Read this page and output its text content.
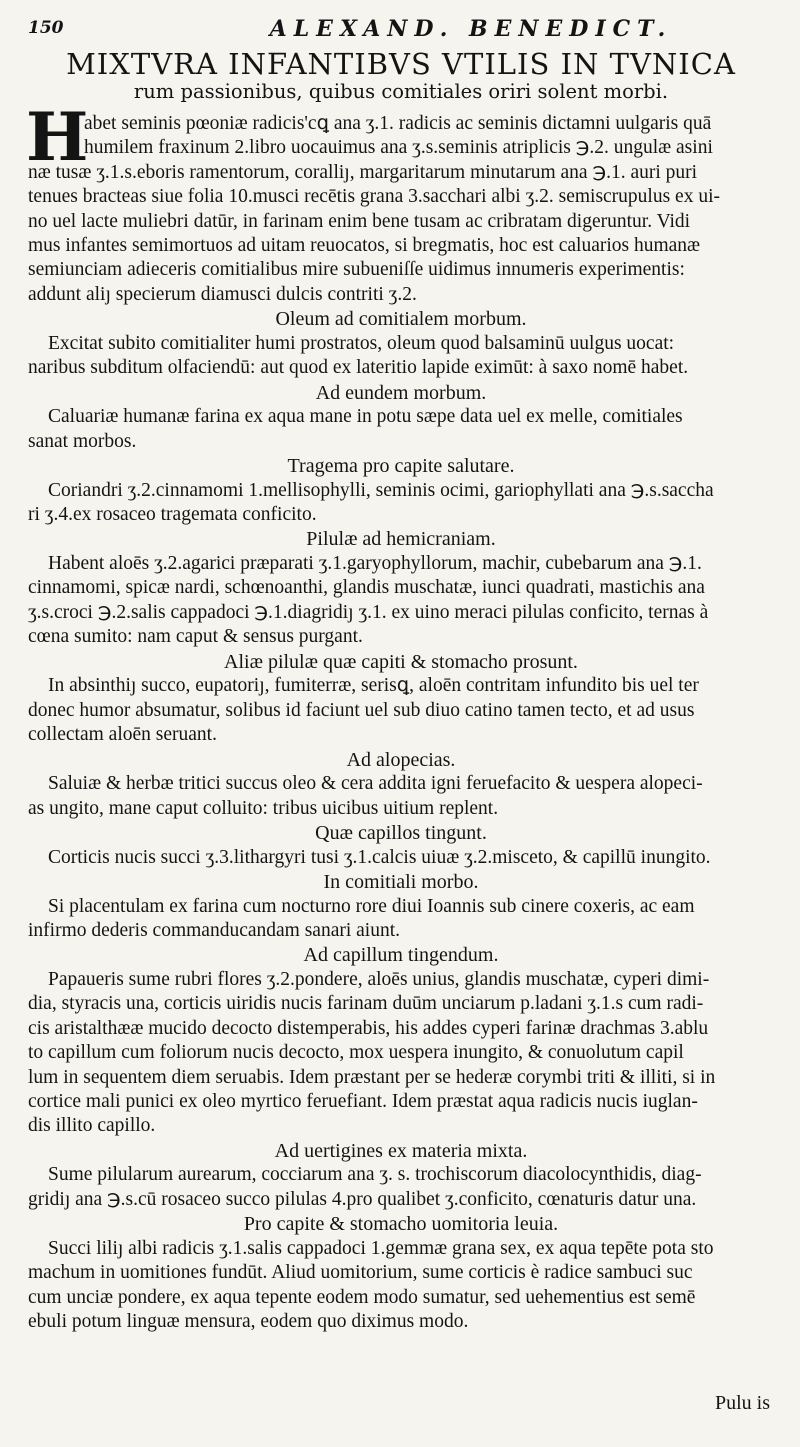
150	ALEXAND. BENEDICT.
MIXTVRA INFANTIBVS VTILIS IN TVNICA
rum passionibus, quibus comitiales oriri solent morbi.
H
abet seminis pœoniæ radicis'cꝗ ana ʒ.1. radicis ac seminis dictamni uulgaris quā
humilem fraxinum 2.libro uocauimus ana ʒ.s.seminis atriplicis ℈.2. ungulæ asini
næ tusæ ʒ.1.s.eboris ramentorum, coralliȷ, margaritarum minutarum ana ℈.1. auri puri
tenues bracteas siue folia 10.musci recētis grana 3.sacchari albi ʒ.2. semiscrupulus ex ui-
no uel lacte muliebri datūr, in farinam enim bene tusam ac cribratam digeruntur. Vidi
mus infantes semimortuos ad uitam reuocatos, si bregmatis, hoc est caluarios humanæ
semiunciam adieceris comitialibus mire subueniſſe uidimus innumeris experimentis:
addunt aliȷ specierum diamusci dulcis contriti ʒ.2.
Oleum ad comitialem morbum.
Excitat subito comitialiter humi prostratos, oleum quod balsaminū uulgus uocat:
naribus subditum olfaciendū: aut quod ex lateritio lapide eximūt: à saxo nomē habet.
Ad eundem morbum.
Caluariæ humanæ farina ex aqua mane in potu sæpe data uel ex melle, comitiales
sanat morbos.
Tragema pro capite salutare.
Coriandri ʒ.2.cinnamomi 1.mellisophylli, seminis ocimi, gariophyllati ana ℈.s.saccha
ri ʒ.4.ex rosaceo tragemata conficito.
Pilulæ ad hemicraniam.
Habent aloēs ʒ.2.agarici præparati ʒ.1.garyophyllorum, machir, cubebarum ana ℈.1.
cinnamomi, spicæ nardi, schœnoanthi, glandis muschatæ, iunci quadrati, mastichis ana
ʒ.s.croci ℈.2.salis cappadoci ℈.1.diagridiȷ ʒ.1. ex uino meraci pilulas conficito, ternas à
cœna sumito: nam caput & sensus purgant.
Aliæ pilulæ quæ capiti & stomacho prosunt.
In absinthiȷ succo, eupatoriȷ, fumiterræ, serisꝗ, aloēn contritam infundito bis uel ter
donec humor absumatur, solibus id faciunt uel sub diuo catino tamen tecto, et ad usus
collectam aloēn seruant.
Ad alopecias.
Saluiæ & herbæ tritici succus oleo & cera addita igni feruefacito & uespera alopeci-
as ungito, mane caput colluito: tribus uicibus uitium replent.
Quæ capillos tingunt.
Corticis nucis succi ʒ.3.lithargyri tusi ʒ.1.calcis uiuæ ʒ.2.misceto, & capillū inungito.
In comitiali morbo.
Si placentulam ex farina cum nocturno rore diui Ioannis sub cinere coxeris, ac eam
infirmo dederis commanducandam sanari aiunt.
Ad capillum tingendum.
Papaueris sume rubri flores ʒ.2.pondere, aloēs unius, glandis muschatæ, cyperi dimi-
dia, styracis una, corticis uiridis nucis farinam duūm unciarum p.ladani ʒ.1.s cum radi-
cis aristalthææ mucido decocto distemperabis, his addes cyperi farinæ drachmas 3.ablu
to capillum cum foliorum nucis decocto, mox uespera inungito, & conuolutum capil
lum in sequentem diem seruabis. Idem præstant per se hederæ corymbi triti & illiti, si in
cortice mali punici ex oleo myrtico feruefiant. Idem præstat aqua radicis nucis iuglan-
dis illito capillo.
Ad uertigines ex materia mixta.
Sume pilularum aurearum, cocciarum ana ʒ. s. trochiscorum diacolocynthidis, diag-
gridiȷ ana ℈.s.cū rosaceo succo pilulas 4.pro qualibet ʒ.conficito, cœnaturis datur una.
Pro capite & stomacho uomitoria leuia.
Succi liliȷ albi radicis ʒ.1.salis cappadoci 1.gemmæ grana sex, ex aqua tepēte pota sto
machum in uomitiones fundūt. Aliud uomitorium, sume corticis è radice sambuci suc
cum unciæ pondere, ex aqua tepente eodem modo sumatur, sed uehementius est semē
ebuli potum linguæ mensura, eodem quo diximus modo.
Pulu is
